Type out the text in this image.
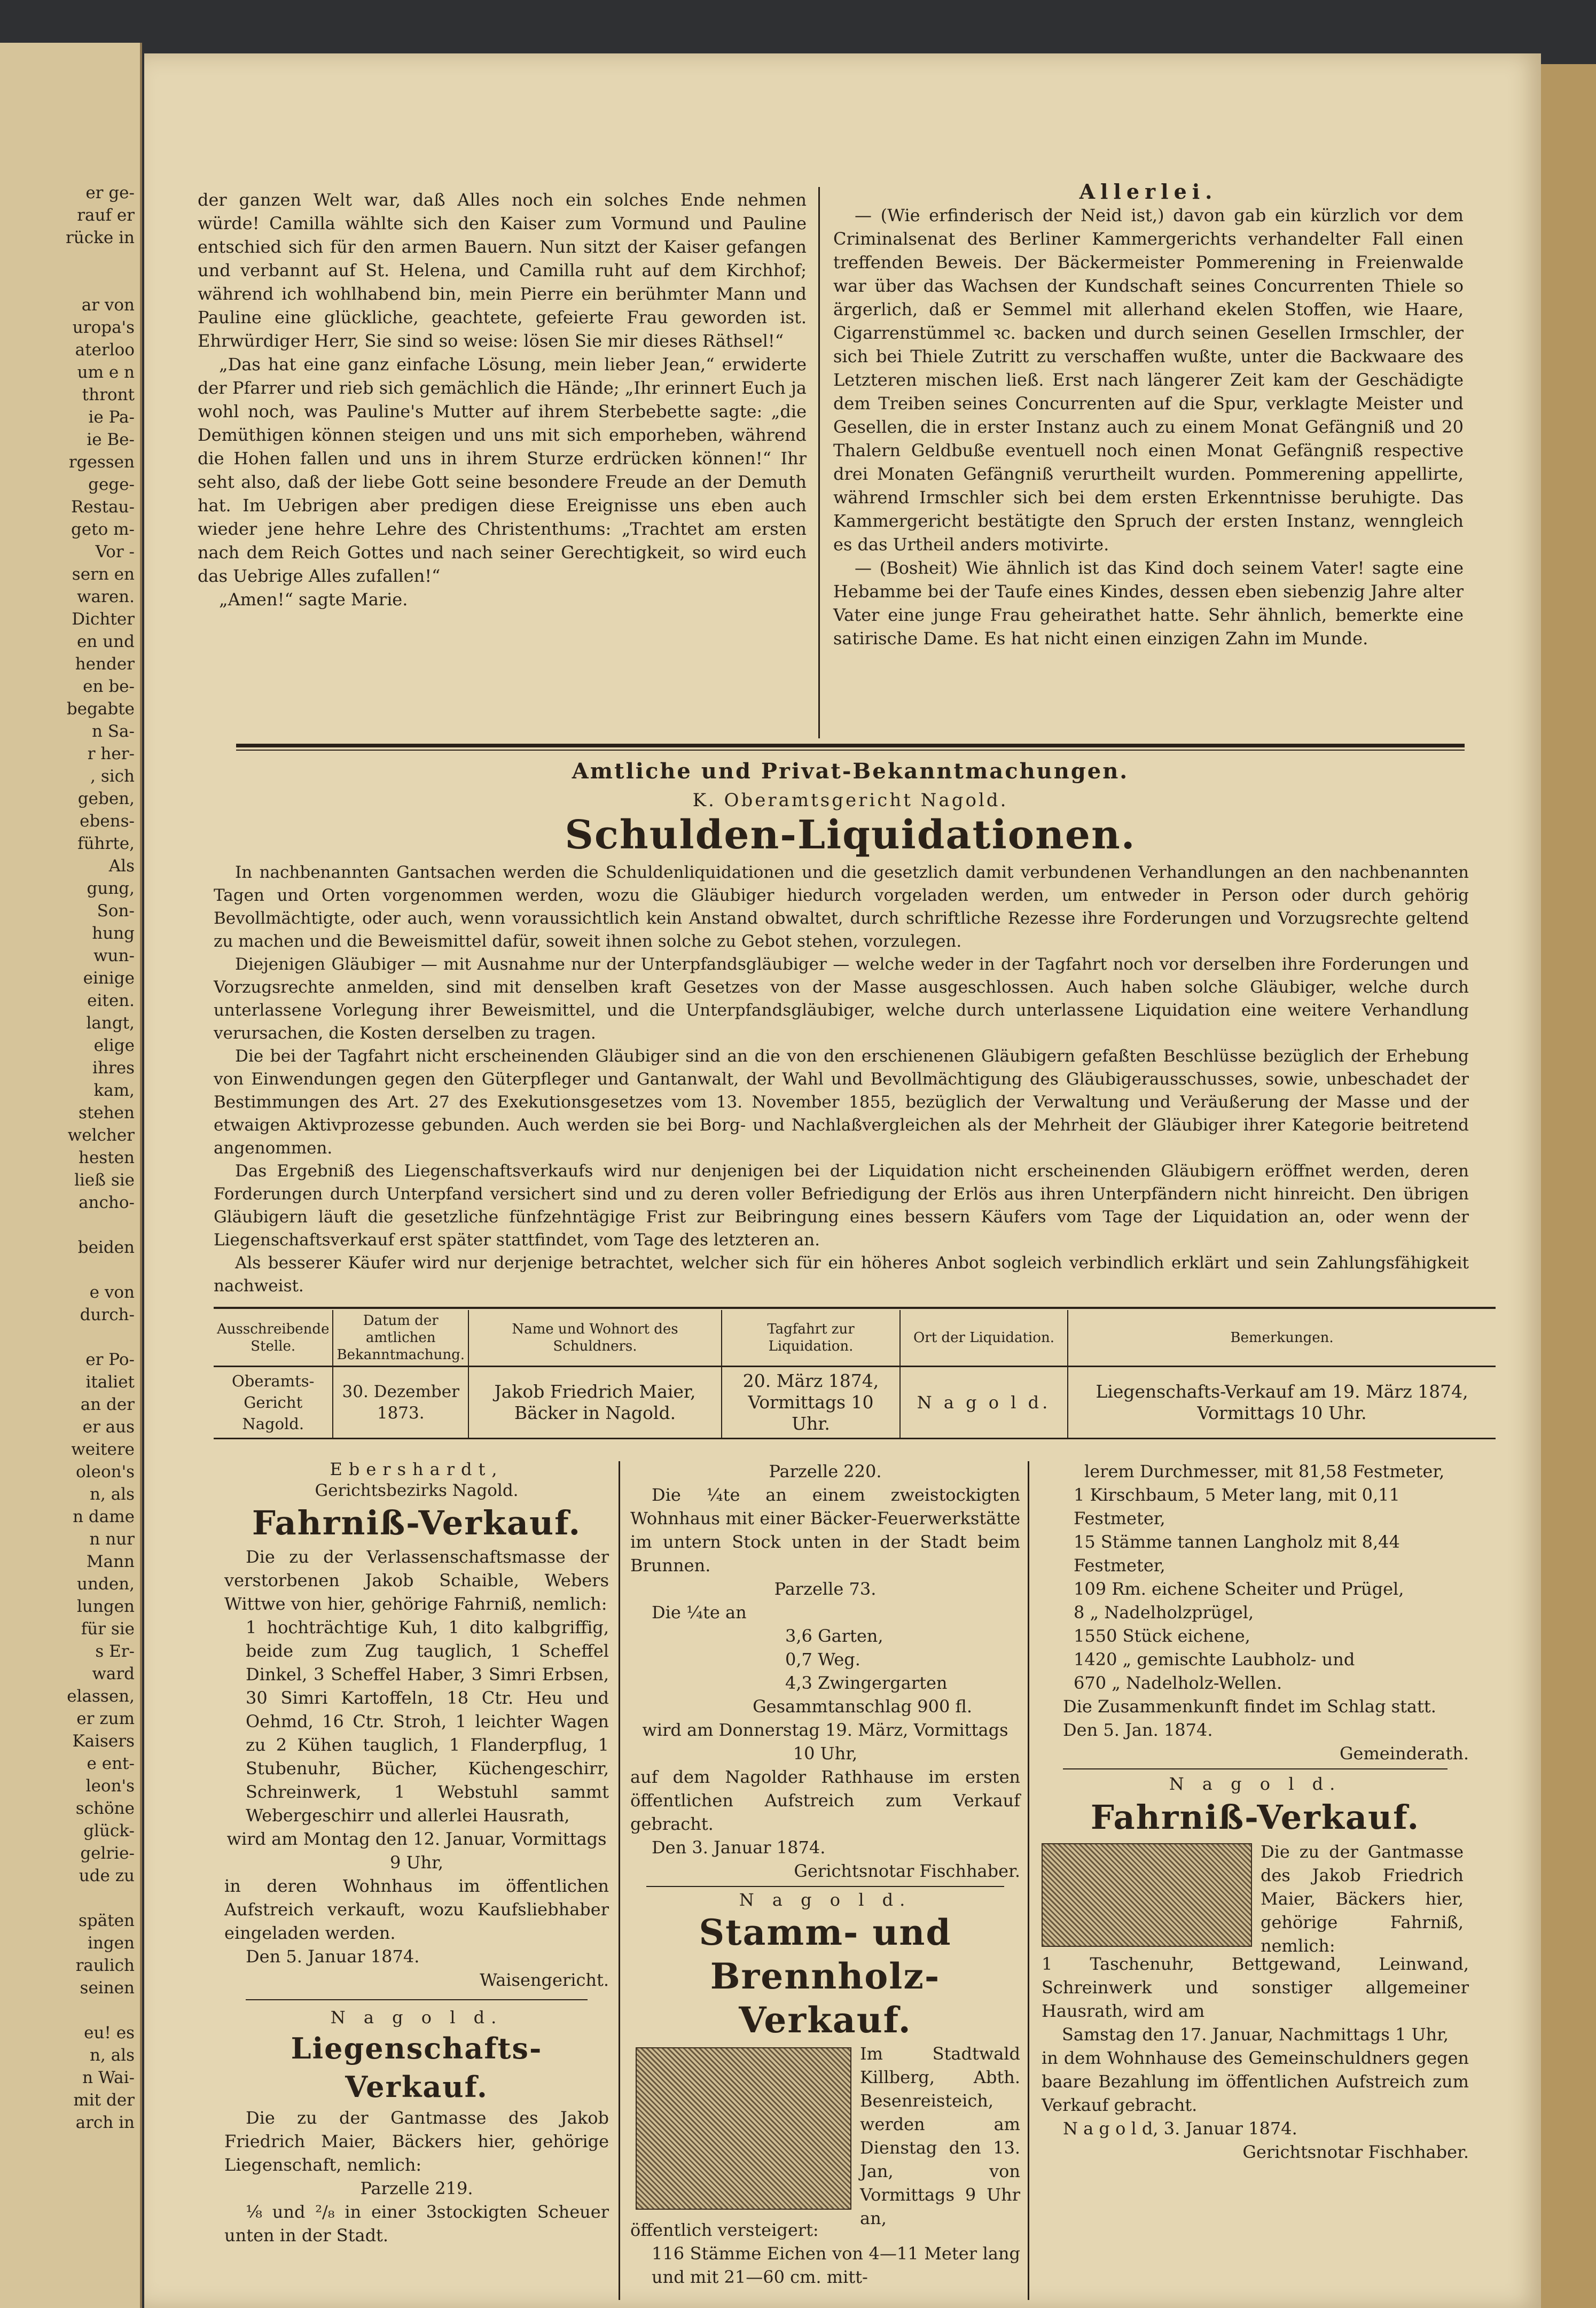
er ge-
rauf er
rücke in

ar von
uropa's
aterloo
um e n
thront
ie Pa-
ie Be-
rgessen
gege-
Restau-
geto m-
Vor -
sern en
waren.
Dichter
en und
hender
en be-
begabte
n Sa-
r her-
, sich
geben,
ebens-
führte,
Als
gung,
Son-
hung
wun-
einige
eiten.
langt,
elige
ihres
kam,
stehen
welcher
hesten
ließ sie
ancho-

beiden

e von
durch-

er Po-
italiet
an der
er aus
weitere
oleon's
n, als
n dame
n nur
Mann
unden,
lungen
für sie
s Er-
ward
elassen,
er zum
Kaisers
e ent-
leon's
schöne
glück-
gelrie-
ude zu

späten
ingen
raulich
seinen

eu! es
n, als
n Wai-
mit der
arch in

der ganzen Welt war, daß Alles noch ein solches Ende nehmen würde! Camilla wählte sich den Kaiser zum Vormund und Pauline entschied sich für den armen Bauern. Nun sitzt der Kaiser gefangen und verbannt auf St. Helena, und Camilla ruht auf dem Kirchhof; während ich wohlhabend bin, mein Pierre ein berühmter Mann und Pauline eine glückliche, geachtete, gefeierte Frau geworden ist. Ehrwürdiger Herr, Sie sind so weise: lösen Sie mir dieses Räthsel!“

„Das hat eine ganz einfache Lösung, mein lieber Jean,“ erwiderte der Pfarrer und rieb sich gemächlich die Hände; „Ihr erinnert Euch ja wohl noch, was Pauline's Mutter auf ihrem Sterbebette sagte: „die Demüthigen können steigen und uns mit sich emporheben, während die Hohen fallen und uns in ihrem Sturze erdrücken können!“ Ihr seht also, daß der liebe Gott seine besondere Freude an der Demuth hat. Im Uebrigen aber predigen diese Ereignisse uns eben auch wieder jene hehre Lehre des Christenthums: „Trachtet am ersten nach dem Reich Gottes und nach seiner Gerechtigkeit, so wird euch das Uebrige Alles zufallen!“

„Amen!“ sagte Marie.

Allerlei.

— (Wie erfinderisch der Neid ist,) davon gab ein kürzlich vor dem Criminalsenat des Berliner Kammergerichts verhandelter Fall einen treffenden Beweis. Der Bäckermeister Pommerening in Freienwalde war über das Wachsen der Kundschaft seines Concurrenten Thiele so ärgerlich, daß er Semmel mit allerhand ekelen Stoffen, wie Haare, Cigarrenstümmel ꝛc. backen und durch seinen Gesellen Irmschler, der sich bei Thiele Zutritt zu verschaffen wußte, unter die Backwaare des Letzteren mischen ließ. Erst nach längerer Zeit kam der Geschädigte dem Treiben seines Concurrenten auf die Spur, verklagte Meister und Gesellen, die in erster Instanz auch zu einem Monat Gefängniß und 20 Thalern Geldbuße eventuell noch einen Monat Gefängniß respective drei Monaten Gefängniß verurtheilt wurden. Pommerening appellirte, während Irmschler sich bei dem ersten Erkenntnisse beruhigte. Das Kammergericht bestätigte den Spruch der ersten Instanz, wenngleich es das Urtheil anders motivirte.

— (Bosheit) Wie ähnlich ist das Kind doch seinem Vater! sagte eine Hebamme bei der Taufe eines Kindes, dessen eben siebenzig Jahre alter Vater eine junge Frau geheirathet hatte. Sehr ähnlich, bemerkte eine satirische Dame. Es hat nicht einen einzigen Zahn im Munde.

Amtliche und Privat-Bekanntmachungen.
K. Oberamtsgericht Nagold.
Schulden-Liquidationen.

In nachbenannten Gantsachen werden die Schuldenliquidationen und die gesetzlich damit verbundenen Verhandlungen an den nachbenannten Tagen und Orten vorgenommen werden, wozu die Gläubiger hiedurch vorgeladen werden, um entweder in Person oder durch gehörig Bevollmächtigte, oder auch, wenn voraussichtlich kein Anstand obwaltet, durch schriftliche Rezesse ihre Forderungen und Vorzugsrechte geltend zu machen und die Beweismittel dafür, soweit ihnen solche zu Gebot stehen, vorzulegen.

Diejenigen Gläubiger — mit Ausnahme nur der Unterpfandsgläubiger — welche weder in der Tagfahrt noch vor derselben ihre Forderungen und Vorzugsrechte anmelden, sind mit denselben kraft Gesetzes von der Masse ausgeschlossen. Auch haben solche Gläubiger, welche durch unterlassene Vorlegung ihrer Beweismittel, und die Unterpfandsgläubiger, welche durch unterlassene Liquidation eine weitere Verhandlung verursachen, die Kosten derselben zu tragen.

Die bei der Tagfahrt nicht erscheinenden Gläubiger sind an die von den erschienenen Gläubigern gefaßten Beschlüsse bezüglich der Erhebung von Einwendungen gegen den Güterpfleger und Gantanwalt, der Wahl und Bevollmächtigung des Gläubigerausschusses, sowie, unbeschadet der Bestimmungen des Art. 27 des Exekutionsgesetzes vom 13. November 1855, bezüglich der Verwaltung und Veräußerung der Masse und der etwaigen Aktivprozesse gebunden. Auch werden sie bei Borg- und Nachlaßvergleichen als der Mehrheit der Gläubiger ihrer Kategorie beitretend angenommen.

Das Ergebniß des Liegenschaftsverkaufs wird nur denjenigen bei der Liquidation nicht erscheinenden Gläubigern eröffnet werden, deren Forderungen durch Unterpfand versichert sind und zu deren voller Befriedigung der Erlös aus ihren Unterpfändern nicht hinreicht. Den übrigen Gläubigern läuft die gesetzliche fünfzehntägige Frist zur Beibringung eines bessern Käufers vom Tage der Liquidation an, oder wenn der Liegenschaftsverkauf erst später stattfindet, vom Tage des letzteren an.

Als besserer Käufer wird nur derjenige betrachtet, welcher sich für ein höheres Anbot sogleich verbindlich erklärt und sein Zahlungsfähigkeit nachweist.

Ausschreibende Stelle.	Datum der amtlichen Bekanntmachung.	Name und Wohnort des Schuldners.	Tagfahrt zur Liquidation.	Ort der Liquidation.	Bemerkungen.
Oberamts-Gericht Nagold.	30. Dezember 1873.	Jakob Friedrich Maier, Bäcker in Nagold.	20. März 1874, Vormittags 10 Uhr.	N a g o l d.	Liegenschafts-Verkauf am 19. März 1874, Vormittags 10 Uhr.
Ebershardt,
Gerichtsbezirks Nagold.
Fahrniß-Verkauf.
Die zu der Verlassenschaftsmasse der verstorbenen Jakob Schaible, Webers Wittwe von hier, gehörige Fahrniß, nemlich:
1 hochträchtige Kuh, 1 dito kalbgriffig, beide zum Zug tauglich, 1 Scheffel Dinkel, 3 Scheffel Haber, 3 Simri Erbsen, 30 Simri Kartoffeln, 18 Ctr. Heu und Oehmd, 16 Ctr. Stroh, 1 leichter Wagen zu 2 Kühen tauglich, 1 Flanderpflug, 1 Stubenuhr, Bücher, Küchengeschirr, Schreinwerk, 1 Webstuhl sammt Webergeschirr und allerlei Hausrath,
wird am Montag den 12. Januar, Vormittags 9 Uhr,
in deren Wohnhaus im öffentlichen Aufstreich verkauft, wozu Kaufsliebhaber eingeladen werden.
Den 5. Januar 1874.
Waisengericht.
N a g o l d.
Liegenschafts-Verkauf.
Die zu der Gantmasse des Jakob Friedrich Maier, Bäckers hier, gehörige Liegenschaft, nemlich:
Parzelle 219.
⅛ und ²/₈ in einer 3stockigten Scheuer unten in der Stadt.
Parzelle 220.
Die ¼te an einem zweistockigten Wohnhaus mit einer Bäcker-Feuerwerkstätte im untern Stock unten in der Stadt beim Brunnen.
Parzelle 73.
Die ¼te an
3,6 Garten,
0,7 Weg.
4,3 Zwingergarten
Gesammtanschlag 900 fl.
wird am Donnerstag 19. März, Vormittags 10 Uhr,
auf dem Nagolder Rathhause im ersten öffentlichen Aufstreich zum Verkauf gebracht.
Den 3. Januar 1874.
Gerichtsnotar Fischhaber.
N a g o l d.
Stamm- und Brennholz-Verkauf.
Im Stadtwald Killberg, Abth. Besenreisteich, werden am Dienstag den 13. Jan, von Vormittags 9 Uhr an,
öffentlich versteigert:
116 Stämme Eichen von 4—11 Meter lang und mit 21—60 cm. mitt-
lerem Durchmesser, mit 81,58 Festmeter,
1 Kirschbaum, 5 Meter lang, mit 0,11 Festmeter,
15 Stämme tannen Langholz mit 8,44 Festmeter,
109 Rm. eichene Scheiter und Prügel,
8 „ Nadelholzprügel,
1550 Stück eichene,
1420 „ gemischte Laubholz- und
670 „ Nadelholz-Wellen.
Die Zusammenkunft findet im Schlag statt.
Den 5. Jan. 1874.
Gemeinderath.
N a g o l d.
Fahrniß-Verkauf.
Die zu der Gantmasse des Jakob Friedrich Maier, Bäckers hier, gehörige Fahrniß, nemlich:
1 Taschenuhr, Bettgewand, Leinwand, Schreinwerk und sonstiger allgemeiner Hausrath, wird am
Samstag den 17. Januar, Nachmittags 1 Uhr,
in dem Wohnhause des Gemeinschuldners gegen baare Bezahlung im öffentlichen Aufstreich zum Verkauf gebracht.
N a g o l d, 3. Januar 1874.
Gerichtsnotar Fischhaber.
